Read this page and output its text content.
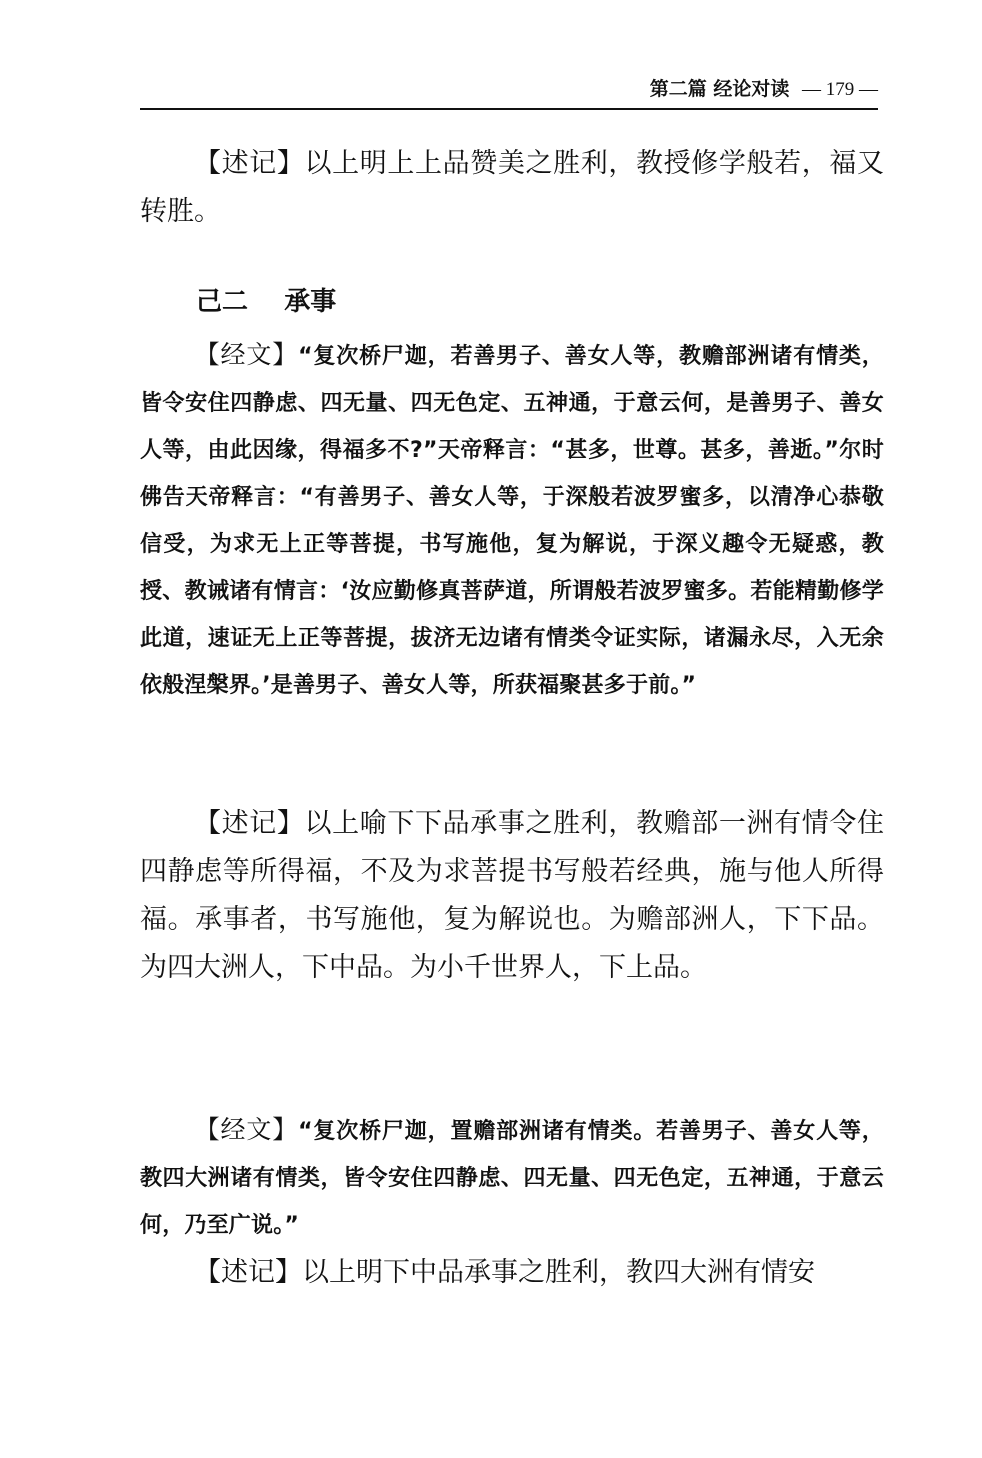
第二篇 经论对读 — 179 —

【述记】以上明上上品赞美之胜利，教授修学般若，福又转胜。

己二    承事

【经文】“复次桥尸迦，若善男子、善女人等，教赡部洲诸有情类，皆令安住四静虑、四无量、四无色定、五神通，于意云何，是善男子、善女人等，由此因缘，得福多不?”天帝释言：“甚多，世尊。甚多，善逝。”尔时佛告天帝释言：“有善男子、善女人等，于深般若波罗蜜多，以清净心恭敬信受，为求无上正等菩提，书写施他，复为解说，于深义趣令无疑惑，教授、教诫诸有情言：‘汝应勤修真菩萨道，所谓般若波罗蜜多。若能精勤修学此道，速证无上正等菩提，拔济无边诸有情类令证实际，诸漏永尽，入无余依般涅槃界。’是善男子、善女人等，所获福聚甚多于前。”

【述记】以上喻下下品承事之胜利，教赡部一洲有情令住四静虑等所得福，不及为求菩提书写般若经典，施与他人所得福。承事者，书写施他，复为解说也。为赡部洲人，下下品。为四大洲人，下中品。为小千世界人，下上品。

【经文】“复次桥尸迦，置赡部洲诸有情类。若善男子、善女人等，教四大洲诸有情类，皆令安住四静虑、四无量、四无色定，五神通，于意云何，乃至广说。”

【述记】以上明下中品承事之胜利，教四大洲有情安
